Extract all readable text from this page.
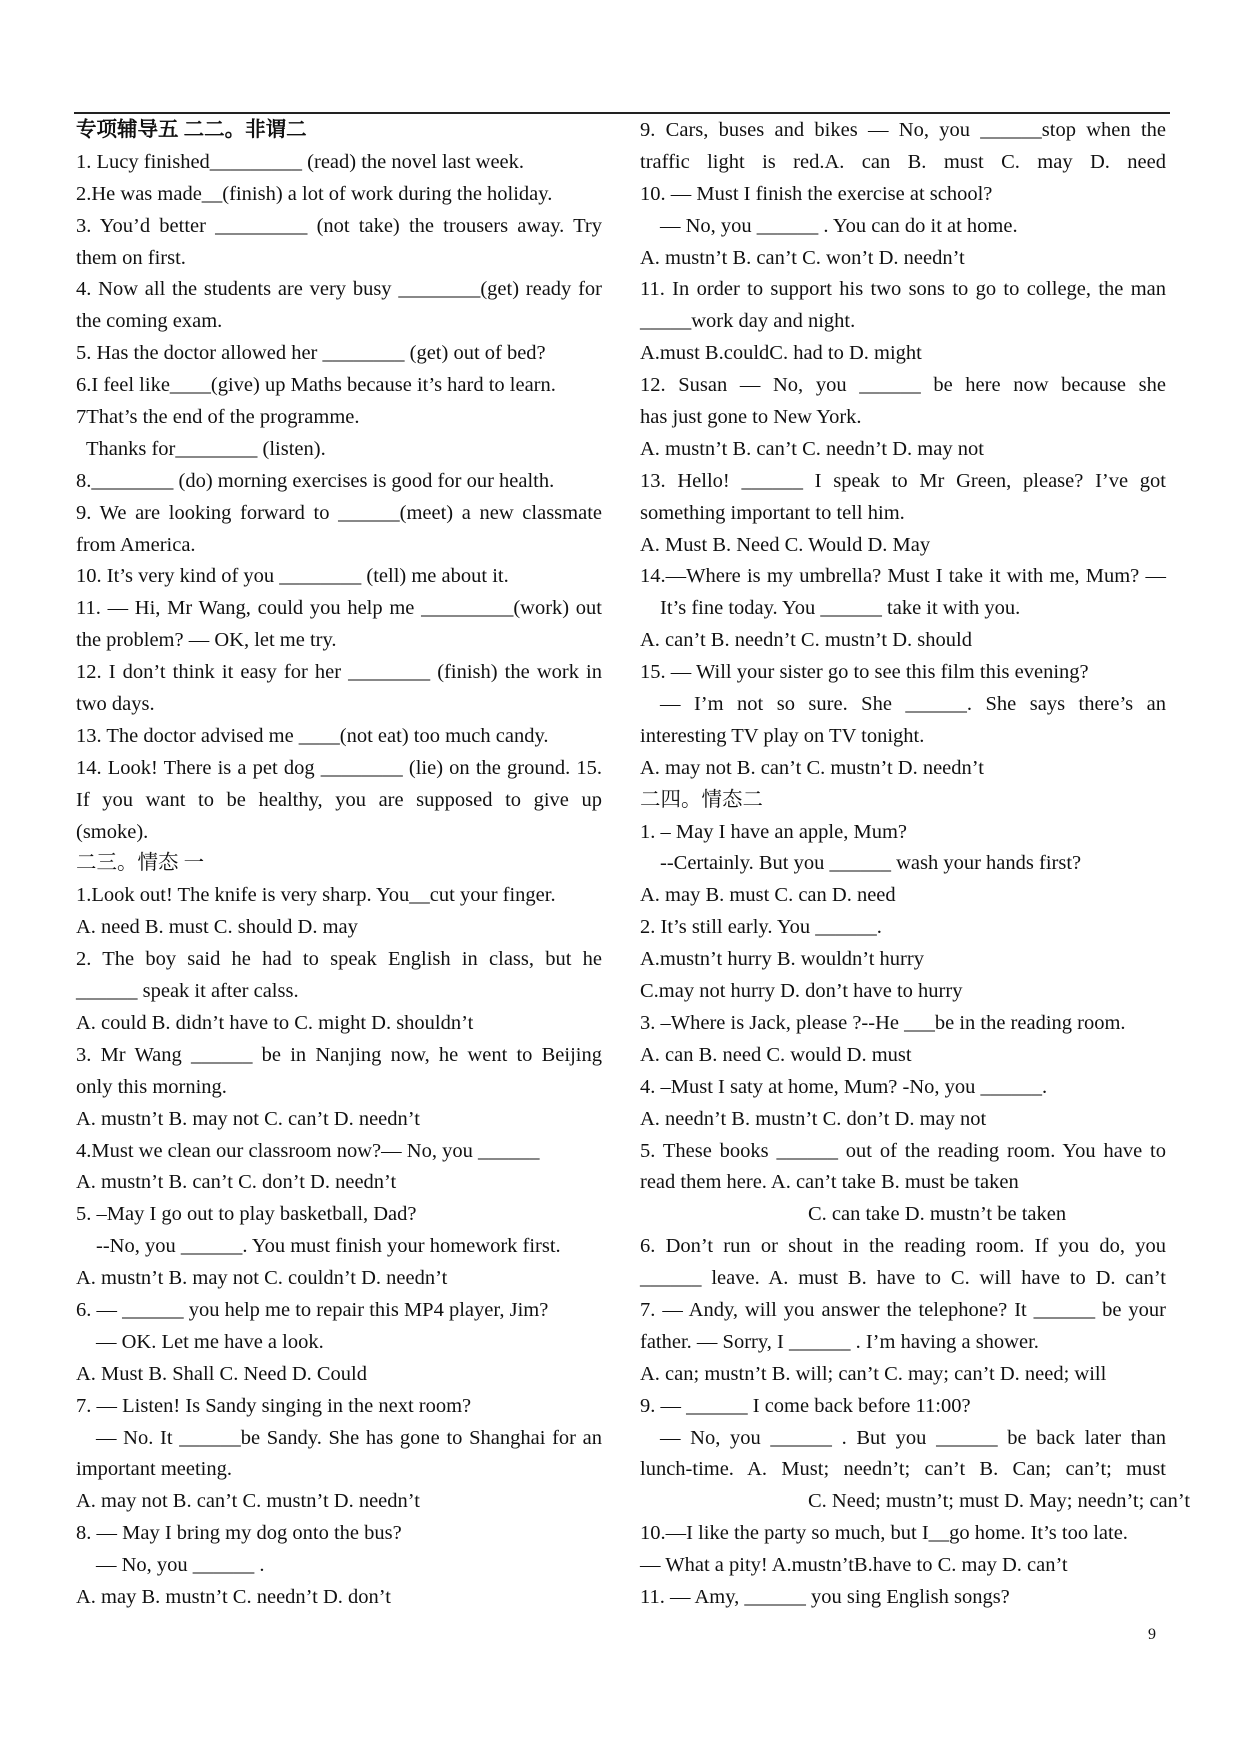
专项辅导五 二二。非谓二
1. Lucy finished_________ (read) the novel last week.
2.He was made__(finish) a lot of work during the holiday.
3. You’d better _________ (not take) the trousers away. Try
them on first.
4. Now all the students are very busy ________(get) ready for
the coming exam.
5. Has the doctor allowed her ________ (get) out of bed?
6.I feel like____(give) up Maths because it’s hard to learn.
7That’s the end of the programme.
Thanks for________ (listen).
8.________ (do) morning exercises is good for our health.
9. We are looking forward to ______(meet) a new classmate
from America.
10. It’s very kind of you ________ (tell) me about it.
11. — Hi, Mr Wang, could you help me _________(work) out
the problem? — OK, let me try.
12. I don’t think it easy for her ________ (finish) the work in
two days.
13. The doctor advised me ____(not eat) too much candy.
14. Look! There is a pet dog ________ (lie) on the ground. 15.
If you want to be healthy, you are supposed to give up
(smoke).
二三。情态 一
1.Look out! The knife is very sharp. You__cut your finger.
A. need B. must C. should D. may
2. The boy said he had to speak English in class, but he
______ speak it after calss.
A. could B. didn’t have to C. might D. shouldn’t
3. Mr Wang ______ be in Nanjing now, he went to Beijing
only this morning.
A. mustn’t B. may not C. can’t D. needn’t
4.Must we clean our classroom now?— No, you ______
A. mustn’t B. can’t C. don’t D. needn’t
5. –May I go out to play basketball, Dad?
--No, you ______. You must finish your homework first.
A. mustn’t B. may not C. couldn’t D. needn’t
6. — ______ you help me to repair this MP4 player, Jim?
— OK. Let me have a look.
A. Must B. Shall C. Need D. Could
7. — Listen! Is Sandy singing in the next room?
— No. It ______be Sandy. She has gone to Shanghai for an
important meeting.
A. may not B. can’t C. mustn’t D. needn’t
8. — May I bring my dog onto the bus?
— No, you ______ .
A. may B. mustn’t C. needn’t D. don’t
9. Cars, buses and bikes — No, you ______stop when the
traffic light is red.A. can B. must C. may D. need
10. — Must I finish the exercise at school?
— No, you ______ . You can do it at home.
A. mustn’t B. can’t C. won’t D. needn’t
11. In order to support his two sons to go to college, the man
_____work day and night.
A.must B.couldC. had to D. might
12. Susan — No, you ______ be here now because she
has just gone to New York.
A. mustn’t B. can’t C. needn’t D. may not
13. Hello! ______ I speak to Mr Green, please? I’ve got
something important to tell him.
A. Must B. Need C. Would D. May
14.—Where is my umbrella? Must I take it with me, Mum? —
It’s fine today. You ______ take it with you.
A. can’t B. needn’t C. mustn’t D. should
15. — Will your sister go to see this film this evening?
— I’m not so sure. She ______. She says there’s an
interesting TV play on TV tonight.
A. may not B. can’t C. mustn’t D. needn’t
二四。情态二
1. – May I have an apple, Mum?
--Certainly. But you ______ wash your hands first?
A. may B. must C. can D. need
2. It’s still early. You ______.
A.mustn’t hurry B. wouldn’t hurry
C.may not hurry D. don’t have to hurry
3. –Where is Jack, please ?--He ___be in the reading room.
A. can B. need C. would D. must
4. –Must I saty at home, Mum? -No, you ______.
A. needn’t B. mustn’t C. don’t D. may not
5. These books ______ out of the reading room. You have to
read them here. A. can’t take B. must be taken
C. can take D. mustn’t be taken
6. Don’t run or shout in the reading room. If you do, you
______ leave. A. must B. have to C. will have to D. can’t
7. — Andy, will you answer the telephone? It ______ be your
father. — Sorry, I ______ . I’m having a shower.
A. can; mustn’t B. will; can’t C. may; can’t D. need; will
9. — ______ I come back before 11:00?
— No, you ______ . But you ______ be back later than
lunch-time. A. Must; needn’t; can’t B. Can; can’t; must
C. Need; mustn’t; must D. May; needn’t; can’t
10.—I like the party so much, but I__go home. It’s too late.
— What a pity! A.mustn’tB.have to C. may D. can’t
11. — Amy, ______ you sing English songs?
9
